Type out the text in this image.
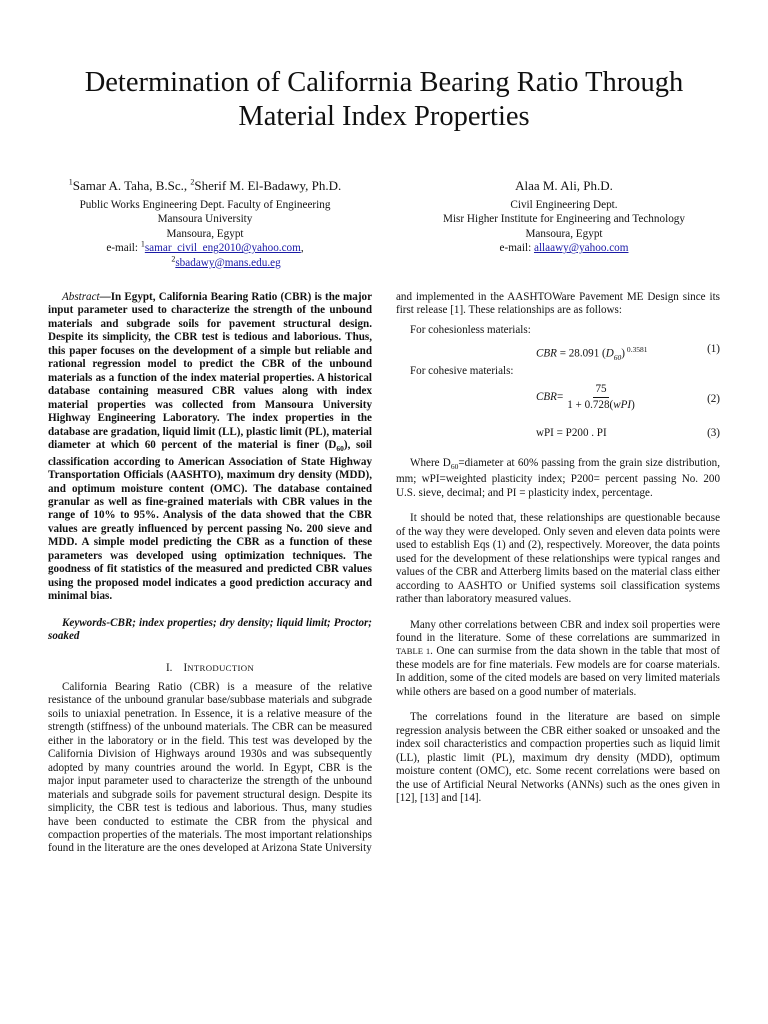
Determination of Califorrnia Bearing Ratio Through Material Index Properties
$^1$Samar A. Taha, B.Sc., $^2$Sherif M. El-Badawy, Ph.D.
Public Works Engineering Dept. Faculty of Engineering
Mansoura University
Mansoura, Egypt
e-mail: $^1$samar_civil_eng2010@yahoo.com,
$^2$sbadawy@mans.edu.eg
Alaa M. Ali, Ph.D.
Civil Engineering Dept.
Misr Higher Institute for Engineering and Technology
Mansoura, Egypt
e-mail: allaawy@yahoo.com

Abstract—In Egypt, California Bearing Ratio (CBR) is the major input parameter used to characterize the strength of the unbound materials and subgrade soils for pavement structural design. Despite its simplicity, the CBR test is tedious and laborious. Thus, this paper focuses on the development of a simple but reliable and rational regression model to predict the CBR of the unbound materials as a function of the index material properties. A historical database containing measured CBR values along with index material properties was collected from Mansoura University Highway Engineering Laboratory. The index properties in the database are gradation, liquid limit (LL), plastic limit (PL), material diameter at which 60 percent of the material is finer $(D_{60})$, soil classification according to American Association of State Highway Transportation Officials (AASHTO), maximum dry density (MDD), and optimum moisture content (OMC). The database contained granular as well as fine-grained materials with CBR values in the range of 10% to 95%. Analysis of the data showed that the CBR values are greatly influenced by percent passing No. 200 sieve and MDD. A simple model predicting the CBR as a function of these parameters was developed using optimization techniques. The goodness of fit statistics of the measured and predicted CBR values using the proposed model indicates a good prediction accuracy and minimal bias.

Keywords-CBR; index properties; dry density; liquid limit; Proctor; soaked

I. INTRODUCTION

California Bearing Ratio (CBR) is a measure of the relative resistance of the unbound granular base/subbase materials and subgrade soils to uniaxial penetration. In Essence, it is a relative measure of the strength (stiffness) of the unbound materials. The CBR can be measured either in the laboratory or in the field. This test was developed by the California Division of Highways around 1930s and was subsequently adopted by many countries around the world. In Egypt, CBR is the major input parameter used to characterize the strength of the unbound materials and subgrade soils for pavement structural design. Despite its simplicity, the CBR test is tedious and laborious. Thus, many studies have been conducted to estimate the CBR from the physical and compaction properties of the materials. The most important relationships found in the literature are the ones developed at Arizona State University

and implemented in the AASHTOWare Pavement ME Design since its first release [1]. These relationships are as follows:

For cohesionless materials:

CBR = 28.091 $(D_{60})$ $^{0.3581}$	(1)

For cohesive materials:

CBR =
75
1 + 0.728(wPI)
(2)
wPI = P200 . PI	(3)

Where $D_{60}=diameter$ at 60% passing from the grain size distribution, mm; wPI=weighted plasticity index; P200= percent passing No. 200 U.S. sieve, decimal; and PI = plasticity index, percentage.

It should be noted that, these relationships are questionable because of the way they were developed. Only seven and eleven data points were used to establish Eqs (1) and (2), respectively. Moreover, the data points used for the development of these relationships were typical ranges and values of the CBR and Atterberg limits based on the material class either according to AASHTO or Unified systems soil classification systems rather than laboratory measured values.

Many other correlations between CBR and index soil properties were found in the literature. Some of these correlations are summarized in TABLE 1. One can surmise from the data shown in the table that most of these models are for fine materials. Few models are for coarse materials. In addition, some of the cited models are based on very limited materials while others are based on a good number of materials.

The correlations found in the literature are based on simple regression analysis between the CBR either soaked or unsoaked and the index soil characteristics and compaction properties such as liquid limit (LL), plastic limit (PL), maximum dry density (MDD), optimum moisture content (OMC), etc. Some recent correlations were based on the use of Artificial Neural Networks (ANNs) such as the ones given in [12], [13] and [14].
